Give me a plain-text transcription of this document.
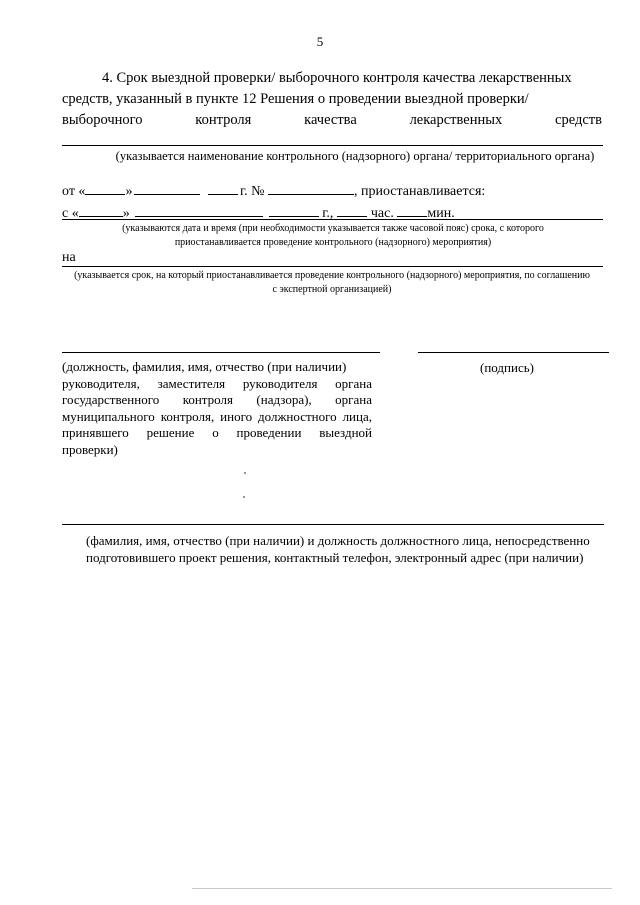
5
4. Срок выездной проверки/ выборочного контроля качества лекарственных
средств, указанный в пункте 12 Решения о проведении выездной проверки/
выборочного	контроля	качества	лекарственных	средств
(указывается наименование контрольного (надзорного) органа/ территориального органа)
от «	»	г. №	, приостанавливается:
с «	»	г.,	час. мин.
(указываются дата и время (при необходимости указывается также часовой пояс) срока, с которого приостанавливается проведение контрольного (надзорного) мероприятия)
на
(указывается срок, на который приостанавливается проведение контрольного (надзорного) мероприятия, по соглашению с экспертной организацией)
(должность, фамилия, имя, отчество (при наличии)
руководителя, заместителя руководителя органа
государственного контроля (надзора), органа
муниципального контроля, иного должностного лица,
принявшего решение о проведении выездной проверки)
(подпись)
(фамилия, имя, отчество (при наличии) и должность должностного лица, непосредственно
подготовившего проект решения, контактный телефон, электронный адрес (при наличии)
